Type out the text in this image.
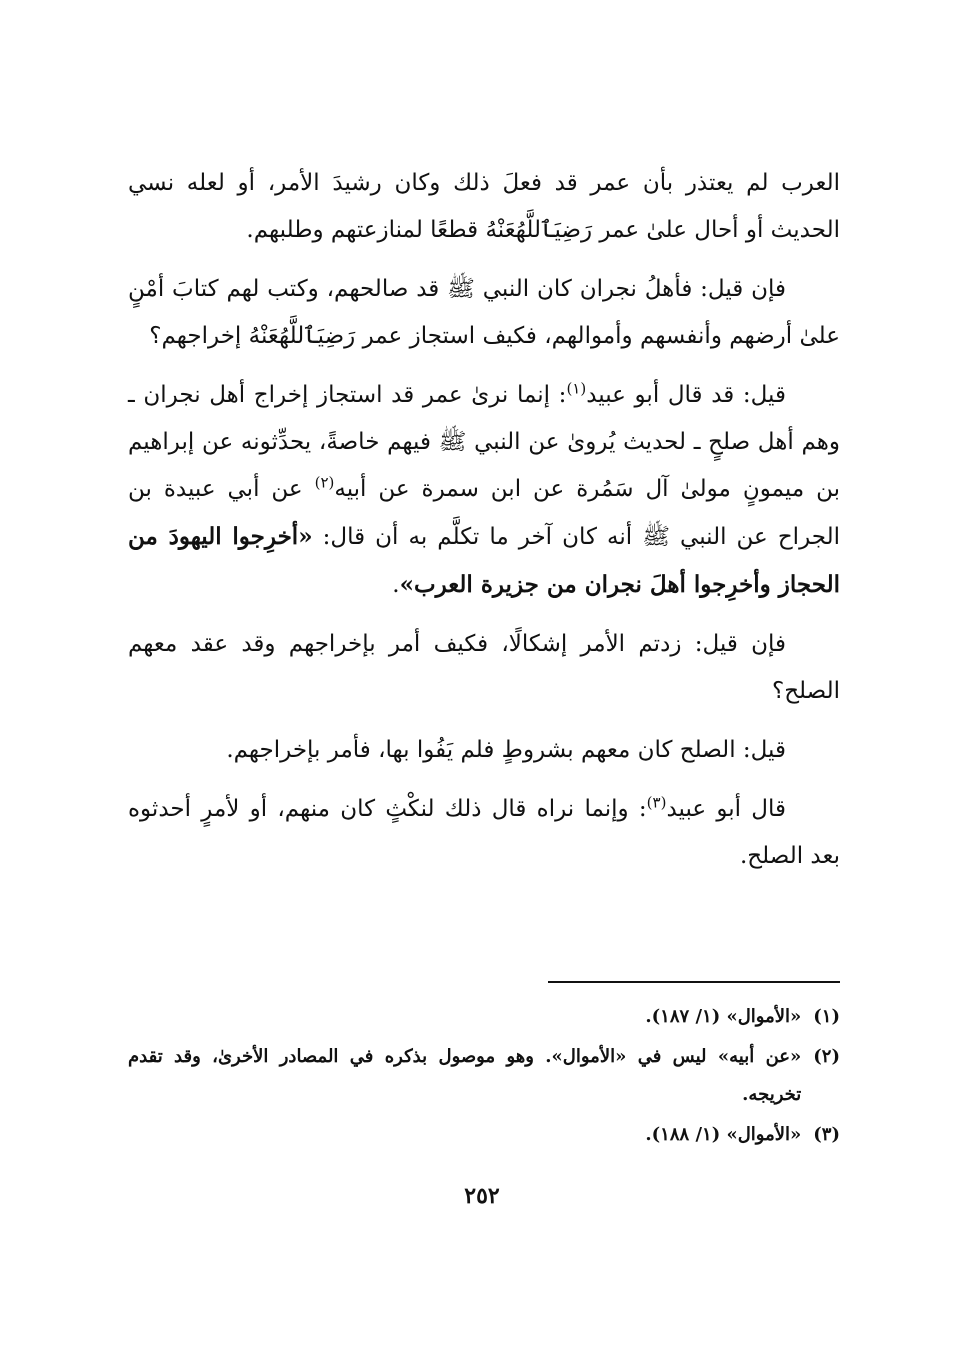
العرب لم يعتذر بأن عمر قد فعلَ ذلك وكان رشيدَ الأمر، أو لعله نسي الحديث أو أحال علىٰ عمر رَضِيَٱللَّهُعَنْهُ قطعًا لمنازعتهم وطلبهم.

فإن قيل: فأهلُ نجران كان النبي ﷺ قد صالحهم، وكتب لهم كتابَ أمْنٍ علىٰ أرضهم وأنفسهم وأموالهم، فكيف استجاز عمر رَضِيَٱللَّهُعَنْهُ إخراجهم؟

قيل: قد قال أبو عبيد$^{(١)}$: إنما نرىٰ عمر قد استجاز إخراج أهل نجران ـ وهم أهل صلحٍ ـ لحديث يُروىٰ عن النبي ﷺ فيهم خاصةً، يحدِّثونه عن إبراهيم بن ميمونٍ مولىٰ آل سَمُرة عن ابن سمرة عن أبيه$^{(٢)}$ عن أبي عبيدة بن الجراح عن النبي ﷺ أنه كان آخر ما تكلَّم به أن قال: «أخرِجوا اليهودَ من الحجاز وأخرِجوا أهلَ نجران من جزيرة العرب».

فإن قيل: زدتم الأمر إشكالًا، فكيف أمر بإخراجهم وقد عقد معهم الصلح؟

قيل: الصلح كان معهم بشروطٍ فلم يَفُوا بها، فأمر بإخراجهم.

قال أبو عبيد$^{(٣)}$: وإنما نراه قال ذلك لنكْثٍ كان منهم، أو لأمرٍ أحدثوه بعد الصلح.

(١)
«الأموال» (١/ ١٨٧).
(٢)
«عن أبيه» ليس في «الأموال». وهو موصول بذكره في المصادر الأخرىٰ، وقد تقدم تخريجه.
(٣)
«الأموال» (١/ ١٨٨).
٢٥٢
